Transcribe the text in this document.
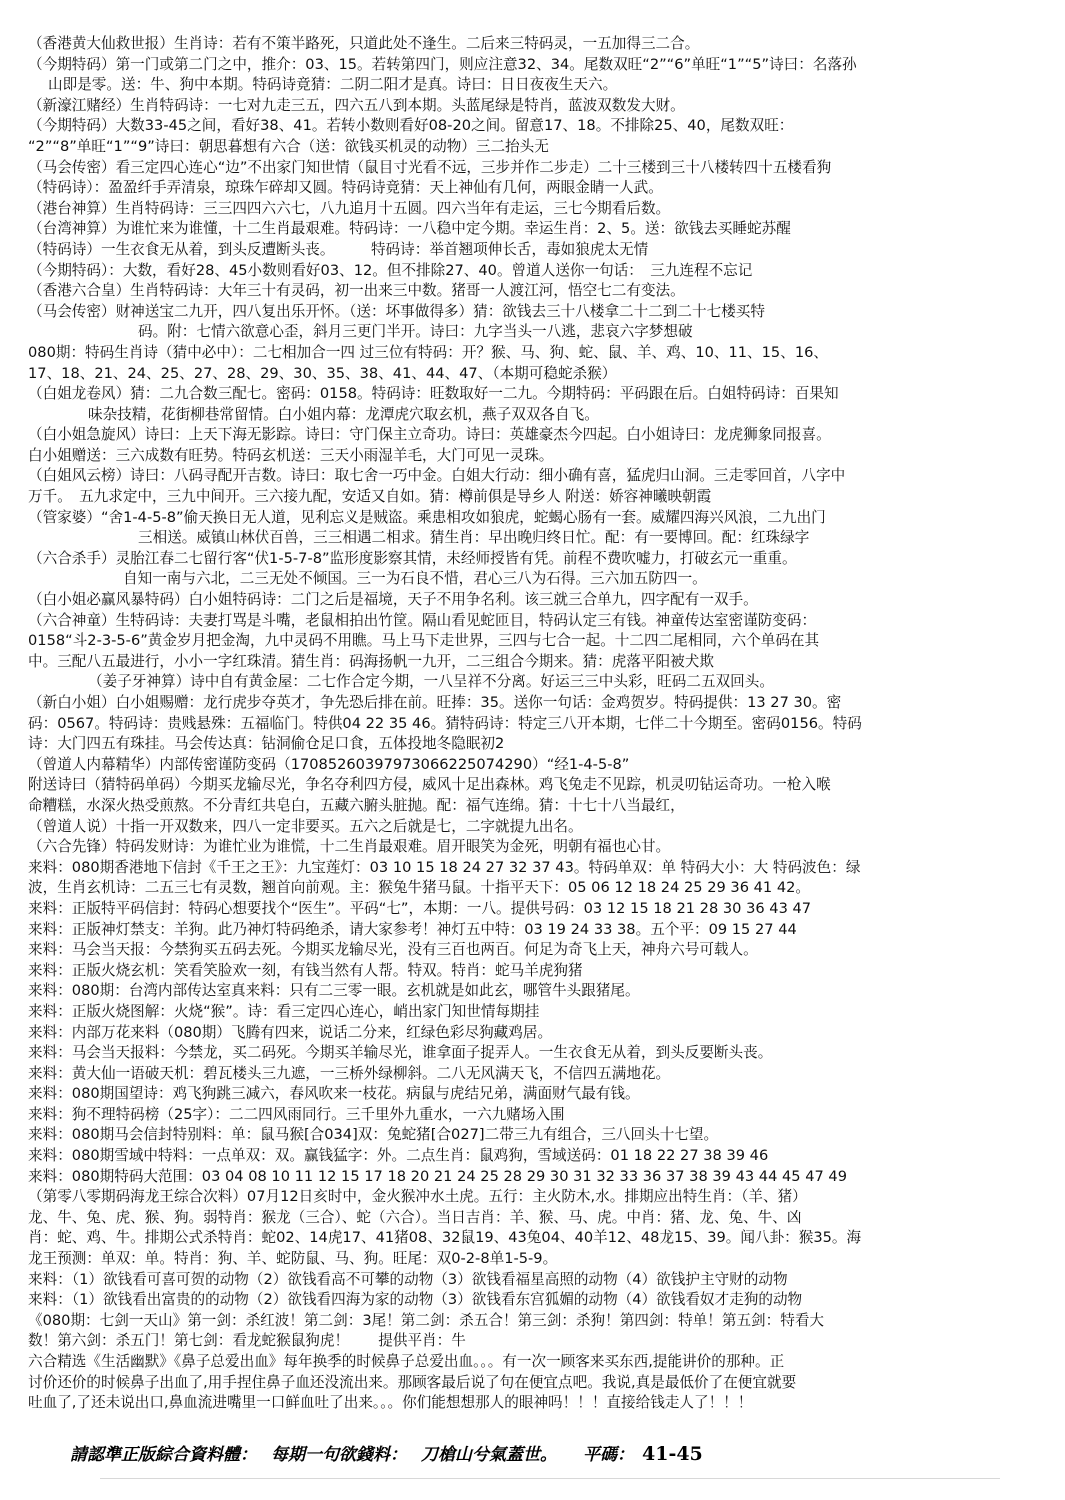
（香港黄大仙救世报）生肖诗：若有不策半路死，只道此处不逢生。二后来三特码灵，一五加得三二合。
（今期特码）第一门或第二门之中，推介：03、15。若转第四门，则应注意32、34。尾数双旺“2”“6”单旺“1”“5”诗曰：名落孙
山即是零。送：牛、狗中本期。特码诗竟猜：二阴二阳才是真。诗曰：日日夜夜生天六。
（新濠江赌经）生肖特码诗：一七对九走三五，四六五八到本期。头蓝尾绿是特肖，蓝波双数发大财。
（今期特码）大数33-45之间，看好38、41。若转小数则看好08-20之间。留意17、18。不排除25、40，尾数双旺：
“2”“8”单旺“1”“9”诗曰：朝思暮想有六合（送：欲钱买机灵的动物）三二抬头无
（马会传密）看三定四心连心“边”不出家门知世情（鼠目寸光看不远，三步并作二步走）二十三楼到三十八楼转四十五楼看狗
（特码诗）：盈盈纤手弄清泉，琼珠乍碎却又圆。特码诗竟猜：天上神仙有几何，两眼金睛一人武。
（港台神算）生肖特码诗：三三四四六六七，八九追月十五圆。四六当年有走运，三七今期看后数。
（台湾神算）为谁忙来为谁懂，十二生肖最艰难。特码诗：一八稳中定今期。幸运生肖：2、5。送：欲钱去买睡蛇苏醒
（特码诗）一生衣食无从着，到头反遭断头丧。　　　特码诗：举首翘项伸长舌，毒如狼虎太无情
（今期特码）：大数，看好28、45小数则看好03、12。但不排除27、40。曾道人送你一句话：　三九连程不忘记
（香港六合皇）生肖特码诗：大年三十有灵码，初一出来三中数。猪哥一人渡江河，悟空七二有变法。
（马会传密）财神送宝二九开，四八复出乐开怀。（送：坏事做得多）猜：欲钱去三十八楼拿二十二到二十七楼买特
码。附：七情六欲意心歪，斜月三更门半开。诗曰：九字当头一八逃，悲哀六字梦想破
080期：特码生肖诗（猜中必中）：二七相加合一四 过三位有特码：开？猴、马、狗、蛇、鼠、羊、鸡、10、11、15、16、
17、18、21、24、25、27、28、29、30、35、38、41、44、47、（本期可稳蛇杀猴）
（白姐龙卷风）猜：二九合数三配七。密码：0158。特码诗：旺数取好一二九。今期特码：平码跟在后。白姐特码诗：百果知
味杂技精，花街柳巷常留情。白小姐内幕：龙潭虎穴取玄机，燕子双双各自飞。
（白小姐急旋风）诗曰：上天下海无影踪。诗曰：守门保主立奇功。诗曰：英雄豪杰今四起。白小姐诗曰：龙虎狮象同报喜。
白小姐赠送：三六成数有旺势。特码玄机送：三天小雨湿羊毛，大门可见一灵珠。
（白姐风云榜）诗曰：八码寻配开吉数。诗曰：取七舍一巧中金。白姐大行动：细小确有喜，猛虎归山洞。三走零回首，八字中
万千。　五九求定中，三九中间开。三六接九配，安适又自如。猜：樽前俱是导乡人 附送：娇容神曦映朝霞
（管家婆）“舍1-4-5-8”偷天换日无人道，见利忘义是贼盗。乘患相攻如狼虎，蛇蝎心肠有一套。威耀四海兴风浪，二九出门
三相送。威镇山林伏百兽，三三相遇二相求。猜生肖：早出晚归终日忙。配：有一要博回。配：红珠绿字
（六合杀手）灵胎江春二七留行客“伏1-5-7-8”监形度影察其情，未经师授皆有凭。前程不费吹嘘力，打破玄元一重重。
自知一南与六北，二三无处不倾国。三一为石良不惜，君心三八为石得。三六加五防四一。
（白小姐必赢风暴特码）白小姐特码诗：二门之后是福境，天子不用争名利。该三就三合单九，四字配有一双手。
（六合神童）生特码诗：夫妻打骂是斗嘴，老鼠相拍出竹筐。隔山看见蛇匝目，特码认定三有钱。神童传达室密谨防变码：
0158“斗2-3-5-6”黄金岁月把金淘，九中灵码不用瞧。马上马下走世界，三四与七合一起。十二四二尾相同，六个单码在其
中。三配八五最进行，小小一字红珠清。猜生肖：码海扬帆一九开，二三组合今期来。猜：虎落平阳被犬欺
（姜子牙神算）诗中自有黄金屋：二七作合定今期，一八呈祥不分离。好运三三中头彩，旺码二五双回头。
（新白小姐）白小姐赐赠：龙行虎步夺英才，争先恐后排在前。旺捧：35。送你一句话：金鸡贺岁。特码提供：13 27 30。密
码：0567。特码诗：贵贱悬殊：五福临门。特供04 22 35 46。猜特码诗：特定三八开本期，七伴二十今期至。密码0156。特码
诗：大门四五有珠挂。马会传达真：钻洞偷仓足口食，五体投地冬隐眠初2
（曾道人内幕精华）内部传密谨防变码（17085260397973066225074290）“经1-4-5-8”
附送诗曰（猜特码单码）今期买龙输尽光，争名夺利四方侵，威风十足出森林。鸡飞兔走不见踪，机灵叨钻运奇功。一枪入喉
命糟糕，水深火热受煎熬。不分青红共皂白，五藏六腑头脏抛。配：福气连绵。猜：十七十八当最红，
（曾道人说）十指一开双数来，四八一定非要买。五六之后就是七，二字就提九出名。
（六合先锋）特码发财诗：为谁忙业为谁慌，十二生肖最艰难。眉开眼笑为金死，明朝有福也心甘。
来料：080期香港地下信封《千王之王》：九宝莲灯：03 10 15 18 24 27 32 37 43。特码单双：单 特码大小：大 特码波色：绿
波，生肖玄机诗：二五三七有灵数，翘首向前观。主：猴兔牛猪马鼠。十指平天下：05 06 12 18 24 25 29 36 41 42。
来料：正版特平码信封：特码心想要找个“医生”。平码“七”，本期：一八。提供号码：03 12 15 18 21 28 30 36 43 47
来料：正版神灯禁支：羊狗。此乃神灯特码绝杀，请大家参考！神灯五中特：03 19 24 33 38。五个平：09 15 27 44
来料：马会当天报：今禁狗买五码去死。今期买龙输尽光，没有三百也两百。何足为奇飞上天，神舟六号可载人。
来料：正版火烧玄机：笑看笑脸欢一刻，有钱当然有人帮。特双。特肖：蛇马羊虎狗猪
来料：080期：台湾内部传达室真来料：只有二三零一眼。玄机就是如此玄，哪管牛头跟猪尾。
来料：正版火烧图解：火烧“猴”。诗：看三定四心连心，峭出家门知世情每期挂
来料：内部万花来料（080期）飞腾有四来，说话二分来，红绿色彩尽狗藏鸡居。
来料：马会当天报料：今禁龙，买二码死。今期买羊输尽光，谁拿面子捉弄人。一生衣食无从着，到头反要断头丧。
来料：黄大仙一语破天机：碧瓦楼头三九遮，一三桥外绿柳斜。二八无风满天飞，不信四五满地花。
来料：080期国望诗：鸡飞狗跳三减六，春风吹来一枝花。病鼠与虎结兄弟，满面财气最有钱。
来料：狗不理特码榜（25字）：二二四风雨同行。三千里外九重水，一六九赌场入围
来料：080期马会信封特别料：单：鼠马猴[合034]双：兔蛇猪[合027]二带三九有组合，三八回头十七望。
来料：080期雪域中特料：一点单双：双。赢钱猛字：外。二点生肖：鼠鸡狗，雪域送码：01 18 22 27 38 39 46
来料：080期特码大范围：03 04 08 10 11 12 15 17 18 20 21 24 25 28 29 30 31 32 33 36 37 38 39 43 44 45 47 49
（第零八零期码海龙王综合次料）07月12日亥时中，金火猴冲水土虎。五行：主火防木,水。排期应出特生肖：（羊、猪）
龙、牛、兔、虎、猴、狗。弱特肖：猴龙（三合）、蛇（六合）。当日吉肖：羊、猴、马、虎。中肖：猪、龙、兔、牛、凶
肖：蛇、鸡、牛。排期公式杀特肖：蛇02、14虎17、41猪08、32鼠19、43兔04、40羊12、48龙15、39。闻八卦：猴35。海
龙王预测：单双：单。特肖：狗、羊、蛇防鼠、马、狗。旺尾：双0-2-8单1-5-9。
来料：（1）欲钱看可喜可贺的动物（2）欲钱看高不可攀的动物（3）欲钱看福星高照的动物（4）欲钱护主守财的动物
来料：（1）欲钱看出富贵的的动物（2）欲钱看四海为家的动物（3）欲钱看东宫狐媚的动物（4）欲钱看奴才走狗的动物
《080期：七剑一天山》第一剑：杀红波！第二剑：3尾！第二剑：杀五合！第三剑：杀狗！第四剑：特单！第五剑：特看大
数！第六剑：杀五门！第七剑：看龙蛇猴鼠狗虎！　　提供平肖：牛
六合精选《生活幽默》《鼻子总爱出血》每年换季的时候鼻子总爱出血。。。有一次一顾客来买东西,提能讲价的那种。正
讨价还价的时候鼻子出血了,用手捏住鼻子血还没流出来。那顾客最后说了句在便宜点吧。我说,真是最低价了在便宜就要
吐血了,了还未说出口,鼻血流进嘴里一口鲜血吐了出来。。。你们能想想那人的眼神吗！！！直接给钱走人了！！！
請認準正版綜合資料體： 每期一句欲錢料： 刀槍山兮氣蓋世。 平碼： 41-45
